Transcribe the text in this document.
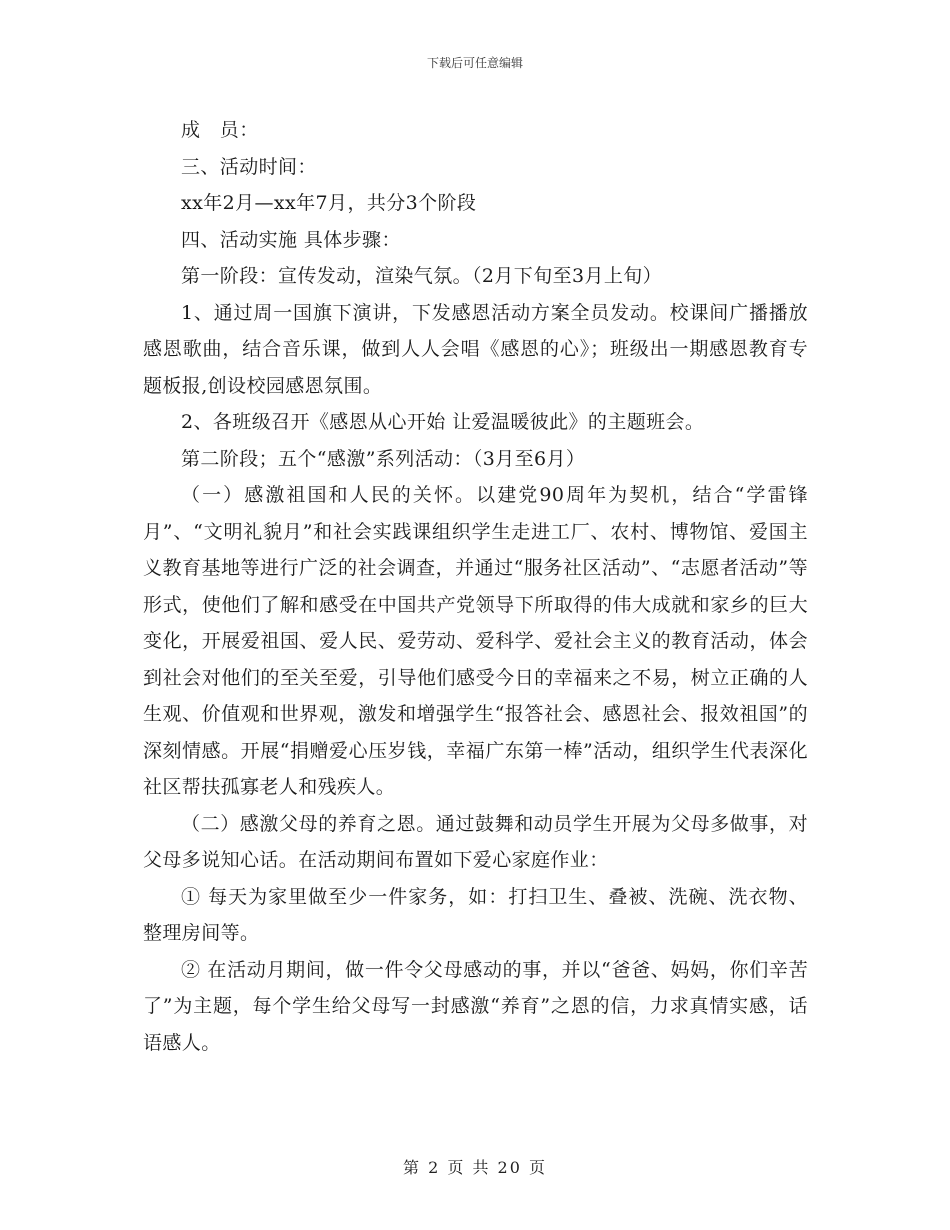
下载后可任意编辑

成　员：

三、活动时间：

xx年2月—xx年7月，共分3个阶段

四、活动实施 具体步骤：

第一阶段：宣传发动，渲染气氛。（2月下旬至3月上旬）

1、通过周一国旗下演讲，下发感恩活动方案全员发动。校课间广播播放感恩歌曲，结合音乐课，做到人人会唱《感恩的心》；班级出一期感恩教育专题板报,创设校园感恩氛围。

2、各班级召开《感恩从心开始 让爱温暖彼此》的主题班会。

第二阶段；五个“感激”系列活动：（3月至6月）

（一）感激祖国和人民的关怀。以建党90周年为契机，结合“学雷锋月”、“文明礼貌月”和社会实践课组织学生走进工厂、农村、博物馆、爱国主义教育基地等进行广泛的社会调查，并通过“服务社区活动”、“志愿者活动”等形式，使他们了解和感受在中国共产党领导下所取得的伟大成就和家乡的巨大变化，开展爱祖国、爱人民、爱劳动、爱科学、爱社会主义的教育活动，体会到社会对他们的至关至爱，引导他们感受今日的幸福来之不易，树立正确的人生观、价值观和世界观，激发和增强学生“报答社会、感恩社会、报效祖国”的深刻情感。开展“捐赠爱心压岁钱，幸福广东第一棒”活动，组织学生代表深化社区帮扶孤寡老人和残疾人。

（二）感激父母的养育之恩。通过鼓舞和动员学生开展为父母多做事，对父母多说知心话。在活动期间布置如下爱心家庭作业：

① 每天为家里做至少一件家务，如：打扫卫生、叠被、洗碗、洗衣物、整理房间等。

② 在活动月期间，做一件令父母感动的事，并以“爸爸、妈妈，你们辛苦了”为主题，每个学生给父母写一封感激“养育”之恩的信，力求真情实感，话语感人。

第 2 页 共 20 页
